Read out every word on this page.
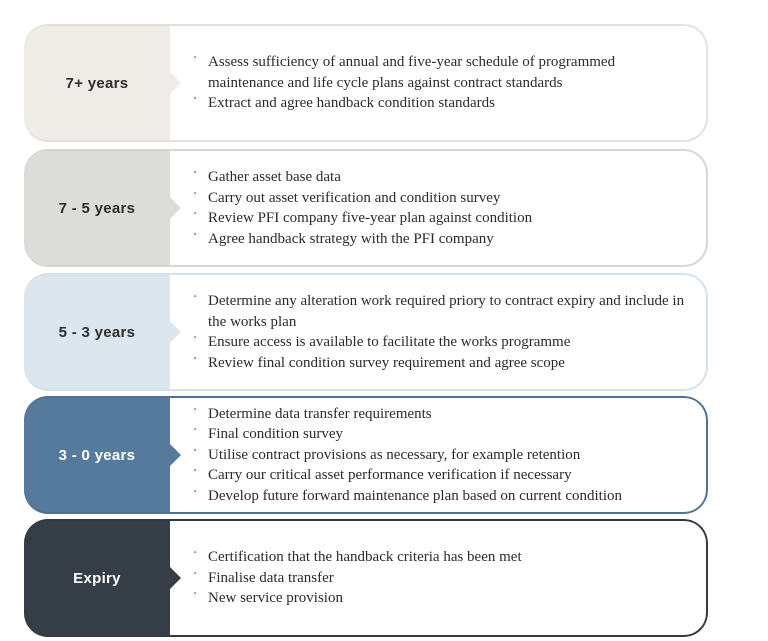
7+ years
· Assess sufficiency of annual and five-year schedule of programmed maintenance and life cycle plans against contract standards
· Extract and agree handback condition standards
7 - 5 years
· Gather asset base data
· Carry out asset verification and condition survey
· Review PFI company five-year plan against condition
· Agree handback strategy with the PFI company
5 - 3 years
· Determine any alteration work required priory to contract expiry and include in the works plan
· Ensure access is available to facilitate the works programme
· Review final condition survey requirement and agree scope
3 - 0 years
· Determine data transfer requirements
· Final condition survey
· Utilise contract provisions as necessary, for example retention
· Carry our critical asset performance verification if necessary
· Develop future forward maintenance plan based on current condition
Expiry
· Certification that the handback criteria has been met
· Finalise data transfer
· New service provision
